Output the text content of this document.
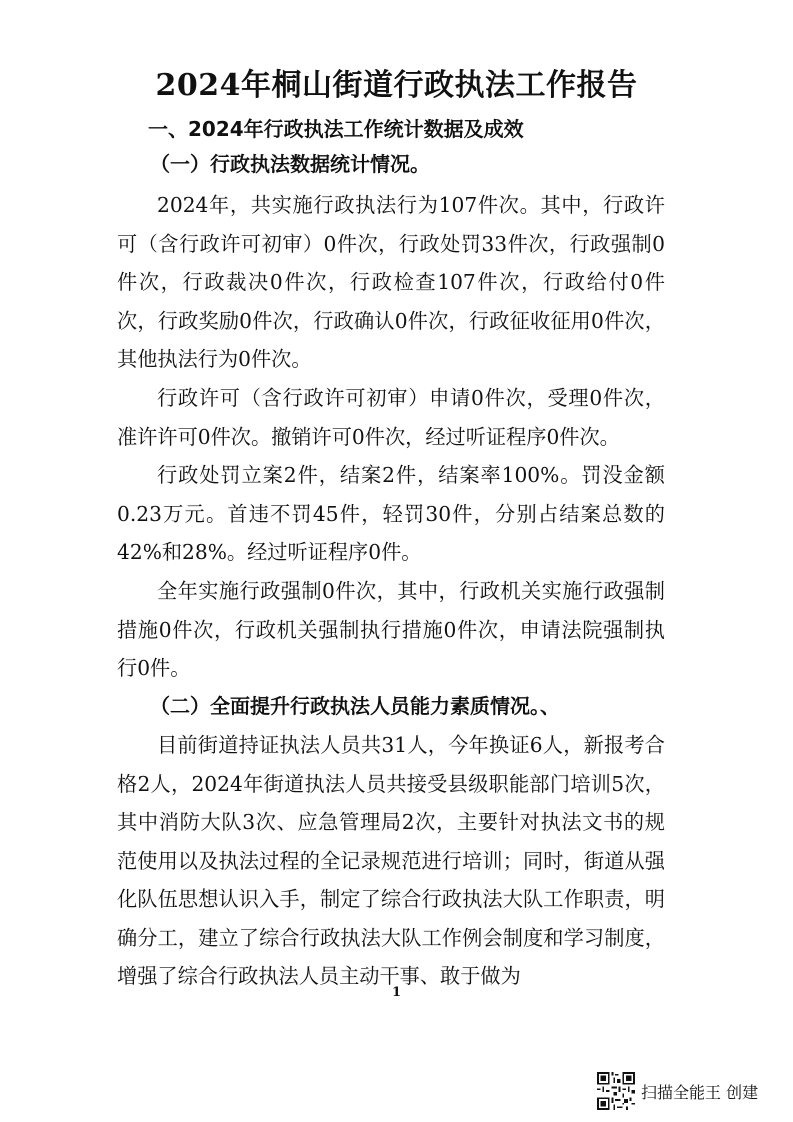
2024年桐山街道行政执法工作报告
一、2024年行政执法工作统计数据及成效
（一）行政执法数据统计情况。

2024年，共实施行政执法行为107件次。其中，行政许可（含行政许可初审）0件次，行政处罚33件次，行政强制0件次，行政裁决0件次，行政检查107件次，行政给付0件次，行政奖励0件次，行政确认0件次，行政征收征用0件次，其他执法行为0件次。

行政许可（含行政许可初审）申请0件次，受理0件次，准许许可0件次。撤销许可0件次，经过听证程序0件次。

行政处罚立案2件，结案2件，结案率100%。罚没金额0.23万元。首违不罚45件，轻罚30件，分别占结案总数的42%和28%。经过听证程序0件。

全年实施行政强制0件次，其中，行政机关实施行政强制措施0件次，行政机关强制执行措施0件次，申请法院强制执行0件。

（二）全面提升行政执法人员能力素质情况。、

目前街道持证执法人员共31人，今年换证6人，新报考合格2人，2024年街道执法人员共接受县级职能部门培训5次，其中消防大队3次、应急管理局2次，主要针对执法文书的规范使用以及执法过程的全记录规范进行培训；同时，街道从强化队伍思想认识入手，制定了综合行政执法大队工作职责，明确分工，建立了综合行政执法大队工作例会制度和学习制度，增强了综合行政执法人员主动干事、敢于做为

1
扫描全能王 创建
